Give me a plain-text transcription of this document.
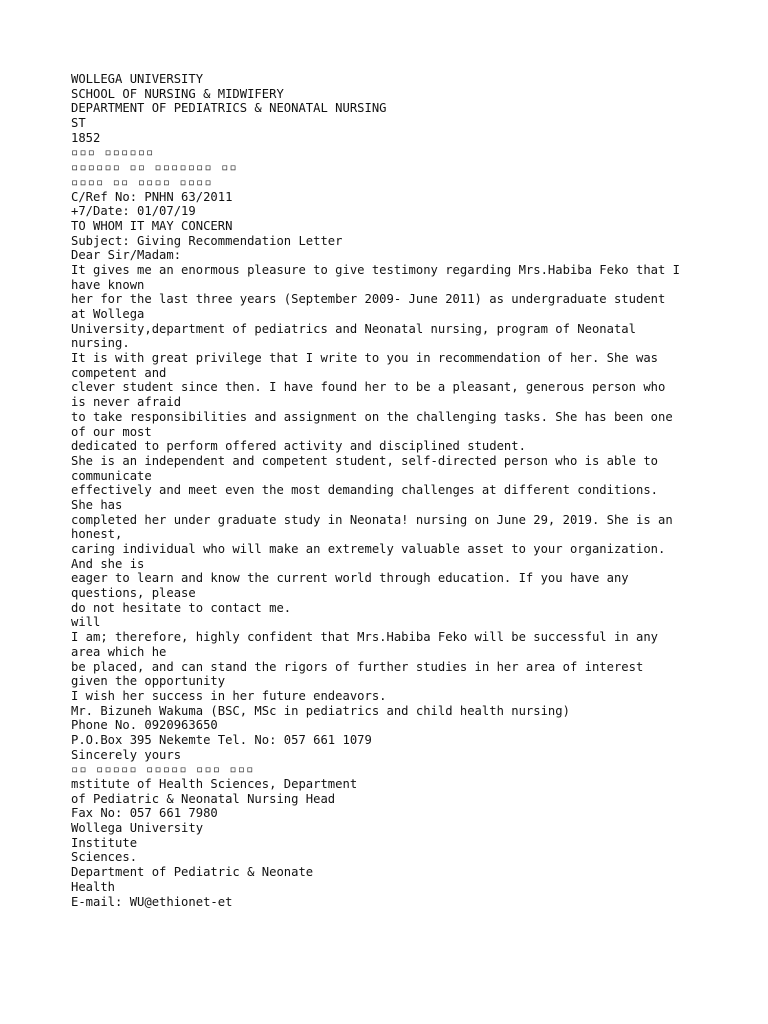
WOLLEGA UNIVERSITY
SCHOOL OF NURSING & MIDWIFERY
DEPARTMENT OF PEDIATRICS & NEONATAL NURSING
ST
1852
▫▫▫ ▫▫▫▫▫▫
▫▫▫▫▫▫ ▫▫ ▫▫▫▫▫▫▫ ▫▫
▫▫▫▫ ▫▫ ▫▫▫▫ ▫▫▫▫
C/Ref No: PNHN 63/2011
+7/Date: 01/07/19
TO WHOM IT MAY CONCERN
Subject: Giving Recommendation Letter
Dear Sir/Madam:
It gives me an enormous pleasure to give testimony regarding Mrs.Habiba Feko that I
have known
her for the last three years (September 2009- June 2011) as undergraduate student
at Wollega
University,department of pediatrics and Neonatal nursing, program of Neonatal
nursing.
It is with great privilege that I write to you in recommendation of her. She was
competent and
clever student since then. I have found her to be a pleasant, generous person who
is never afraid
to take responsibilities and assignment on the challenging tasks. She has been one
of our most
dedicated to perform offered activity and disciplined student.
She is an independent and competent student, self-directed person who is able to
communicate
effectively and meet even the most demanding challenges at different conditions.
She has
completed her under graduate study in Neonata! nursing on June 29, 2019. She is an
honest,
caring individual who will make an extremely valuable asset to your organization.
And she is
eager to learn and know the current world through education. If you have any
questions, please
do not hesitate to contact me.
will
I am; therefore, highly confident that Mrs.Habiba Feko will be successful in any
area which he
be placed, and can stand the rigors of further studies in her area of interest
given the opportunity
I wish her success in her future endeavors.
Mr. Bizuneh Wakuma (BSC, MSc in pediatrics and child health nursing)
Phone No. 0920963650
P.O.Box 395 Nekemte Tel. No: 057 661 1079
Sincerely yours
▫▫ ▫▫▫▫▫ ▫▫▫▫▫ ▫▫▫ ▫▫▫
mstitute of Health Sciences, Department
of Pediatric & Neonatal Nursing Head
Fax No: 057 661 7980
Wollega University
Institute
Sciences.
Department of Pediatric & Neonate
Health
E-mail: WU@ethionet-et
